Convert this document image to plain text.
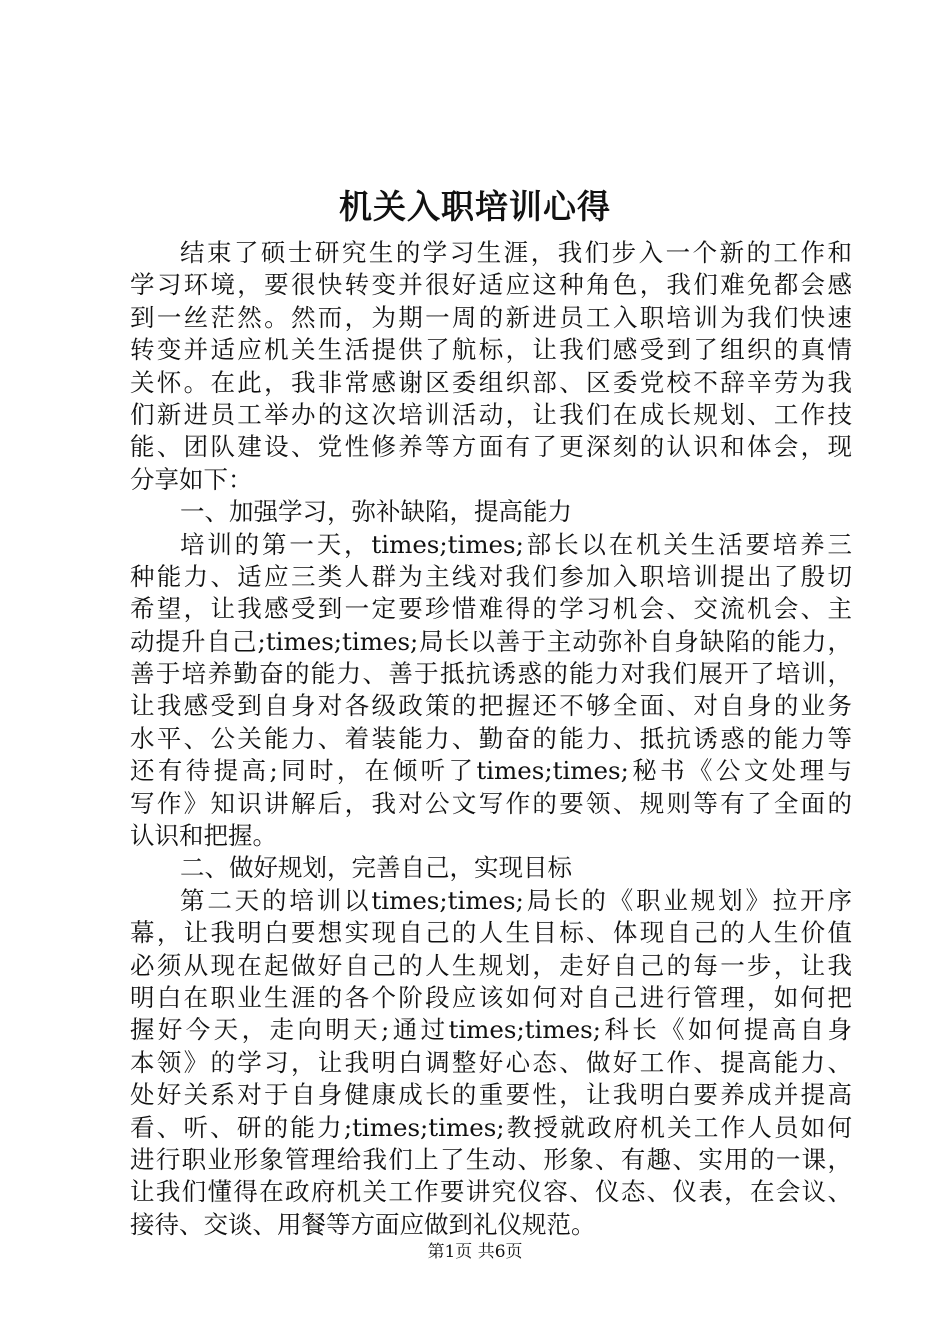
机关入职培训心得
结束了硕士研究生的学习生涯，我们步入一个新的工作和
学习环境，要很快转变并很好适应这种角色，我们难免都会感
到一丝茫然。然而，为期一周的新进员工入职培训为我们快速
转变并适应机关生活提供了航标，让我们感受到了组织的真情
关怀。在此，我非常感谢区委组织部、区委党校不辞辛劳为我
们新进员工举办的这次培训活动，让我们在成长规划、工作技
能、团队建设、党性修养等方面有了更深刻的认识和体会，现
分享如下：
一、加强学习，弥补缺陷，提高能力
培训的第一天，times;times;部长以在机关生活要培养三
种能力、适应三类人群为主线对我们参加入职培训提出了殷切
希望，让我感受到一定要珍惜难得的学习机会、交流机会、主
动提升自己;times;times;局长以善于主动弥补自身缺陷的能力，
善于培养勤奋的能力、善于抵抗诱惑的能力对我们展开了培训，
让我感受到自身对各级政策的把握还不够全面、对自身的业务
水平、公关能力、着装能力、勤奋的能力、抵抗诱惑的能力等
还有待提高;同时，在倾听了times;times;秘书《公文处理与
写作》知识讲解后，我对公文写作的要领、规则等有了全面的
认识和把握。
二、做好规划，完善自己，实现目标
第二天的培训以times;times;局长的《职业规划》拉开序
幕，让我明白要想实现自己的人生目标、体现自己的人生价值
必须从现在起做好自己的人生规划，走好自己的每一步，让我
明白在职业生涯的各个阶段应该如何对自己进行管理，如何把
握好今天，走向明天;通过times;times;科长《如何提高自身
本领》的学习，让我明白调整好心态、做好工作、提高能力、
处好关系对于自身健康成长的重要性，让我明白要养成并提高
看、听、研的能力;times;times;教授就政府机关工作人员如何
进行职业形象管理给我们上了生动、形象、有趣、实用的一课，
让我们懂得在政府机关工作要讲究仪容、仪态、仪表，在会议、
接待、交谈、用餐等方面应做到礼仪规范。
第1页 共6页
